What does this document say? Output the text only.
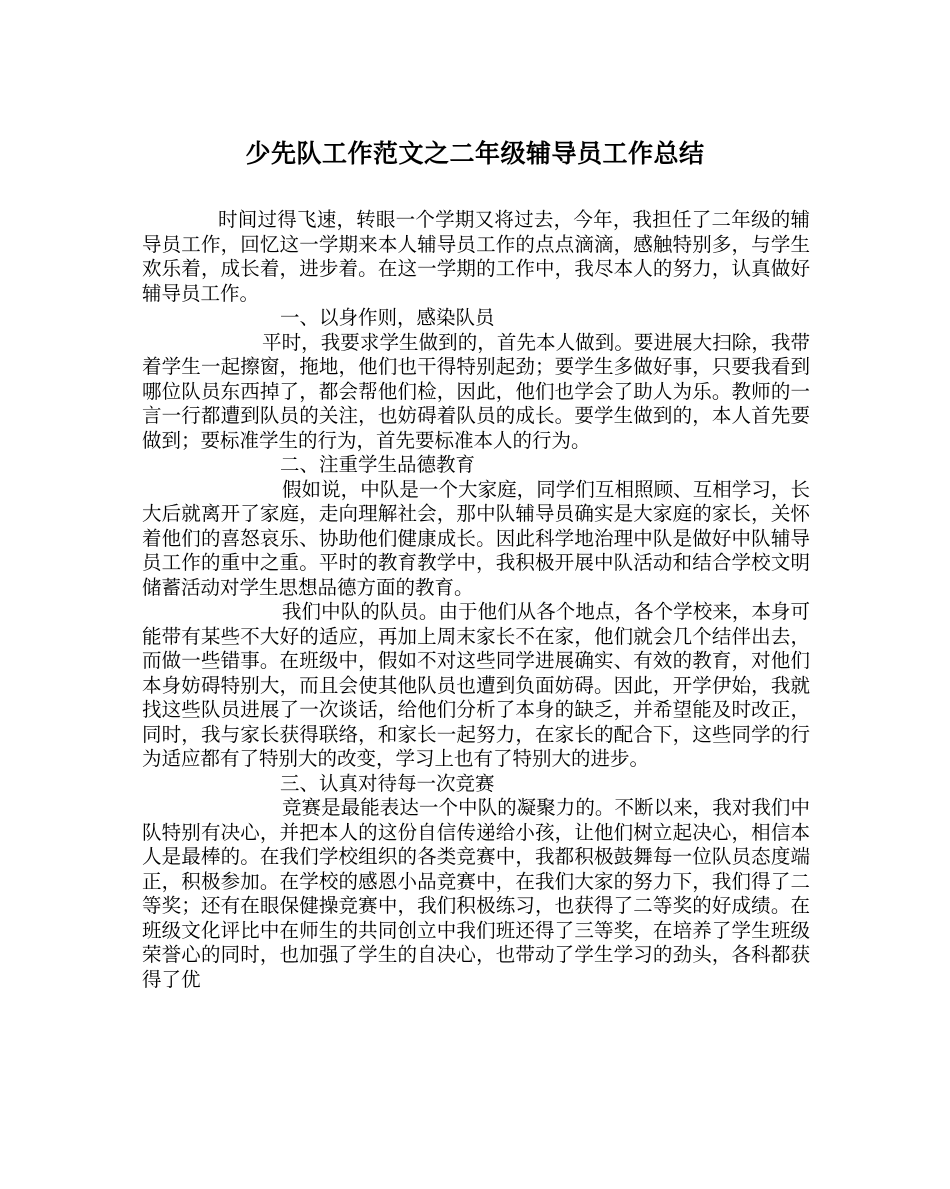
少先队工作范文之二年级辅导员工作总结

时间过得飞速，转眼一个学期又将过去，今年，我担任了二年级的辅导员工作，回忆这一学期来本人辅导员工作的点点滴滴，感触特别多，与学生欢乐着，成长着，进步着。在这一学期的工作中，我尽本人的努力，认真做好辅导员工作。

一、以身作则，感染队员

平时，我要求学生做到的，首先本人做到。要进展大扫除，我带着学生一起擦窗，拖地，他们也干得特别起劲；要学生多做好事，只要我看到哪位队员东西掉了，都会帮他们检，因此，他们也学会了助人为乐。教师的一言一行都遭到队员的关注，也妨碍着队员的成长。要学生做到的，本人首先要做到；要标准学生的行为，首先要标准本人的行为。

二、注重学生品德教育

假如说，中队是一个大家庭，同学们互相照顾、互相学习，长大后就离开了家庭，走向理解社会，那中队辅导员确实是大家庭的家长，关怀着他们的喜怒哀乐、协助他们健康成长。因此科学地治理中队是做好中队辅导员工作的重中之重。平时的教育教学中，我积极开展中队活动和结合学校文明储蓄活动对学生思想品德方面的教育。

我们中队的队员。由于他们从各个地点，各个学校来，本身可能带有某些不大好的适应，再加上周末家长不在家，他们就会几个结伴出去，而做一些错事。在班级中，假如不对这些同学进展确实、有效的教育，对他们本身妨碍特别大，而且会使其他队员也遭到负面妨碍。因此，开学伊始，我就找这些队员进展了一次谈话，给他们分析了本身的缺乏，并希望能及时改正，同时，我与家长获得联络，和家长一起努力，在家长的配合下，这些同学的行为适应都有了特别大的改变，学习上也有了特别大的进步。

三、认真对待每一次竞赛

竞赛是最能表达一个中队的凝聚力的。不断以来，我对我们中队特别有决心，并把本人的这份自信传递给小孩，让他们树立起决心，相信本人是最棒的。在我们学校组织的各类竞赛中，我都积极鼓舞每一位队员态度端正，积极参加。在学校的感恩小品竞赛中，在我们大家的努力下，我们得了二等奖；还有在眼保健操竞赛中，我们积极练习，也获得了二等奖的好成绩。在班级文化评比中在师生的共同创立中我们班还得了三等奖，在培养了学生班级荣誉心的同时，也加强了学生的自决心，也带动了学生学习的劲头，各科都获得了优
